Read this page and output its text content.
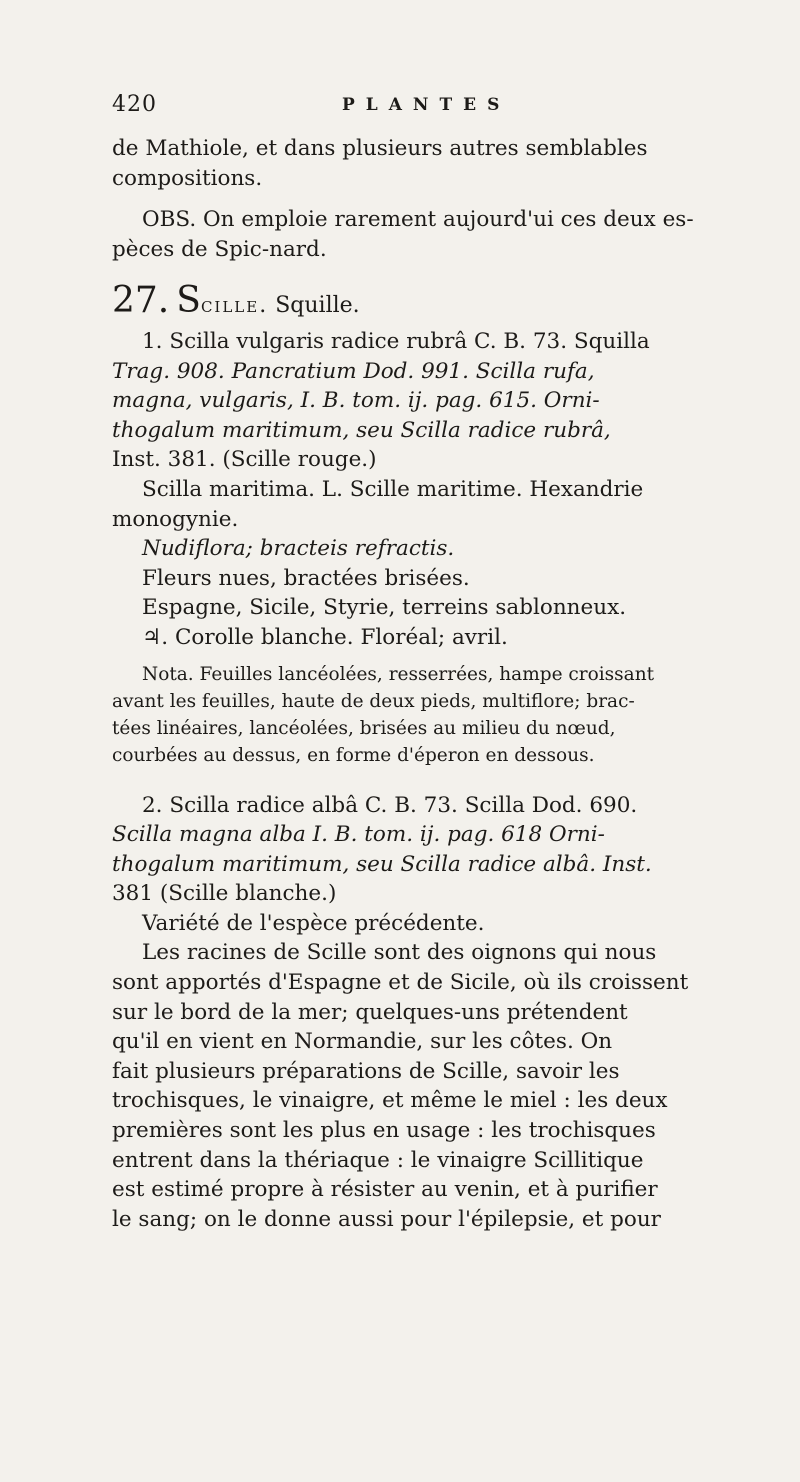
420	PLANTES

de Mathiole, et dans plusieurs autres semblables
compositions.

OBS. On emploie rarement aujourd'ui ces deux es-
pèces de Spic-nard.

27. Scille. Squille.
1. Scilla vulgaris radice rubrâ C. B. 73. Squilla
Trag. 908. Pancratium Dod. 991. Scilla rufa,
magna, vulgaris, I. B. tom. ij. pag. 615. Orni-
thogalum maritimum, seu Scilla radice rubrâ,
Inst. 381. (Scille rouge.)
Scilla maritima. L. Scille maritime. Hexandrie
monogynie.
Nudiflora; bracteis refractis.
Fleurs nues, bractées brisées.
Espagne, Sicile, Styrie, terreins sablonneux.
♃. Corolle blanche. Floréal; avril.
Nota. Feuilles lancéolées, resserrées, hampe croissant
avant les feuilles, haute de deux pieds, multiflore; brac-
tées linéaires, lancéolées, brisées au milieu du nœud,
courbées au dessus, en forme d'éperon en dessous.
2. Scilla radice albâ C. B. 73. Scilla Dod. 690.
Scilla magna alba I. B. tom. ij. pag. 618 Orni-
thogalum maritimum, seu Scilla radice albâ. Inst.
381 (Scille blanche.)
Variété de l'espèce précédente.
Les racines de Scille sont des oignons qui nous
sont apportés d'Espagne et de Sicile, où ils croissent
sur le bord de la mer; quelques-uns prétendent
qu'il en vient en Normandie, sur les côtes. On
fait plusieurs préparations de Scille, savoir les
trochisques, le vinaigre, et même le miel : les deux
premières sont les plus en usage : les trochisques
entrent dans la thériaque : le vinaigre Scillitique
est estimé propre à résister au venin, et à purifier
le sang; on le donne aussi pour l'épilepsie, et pour
